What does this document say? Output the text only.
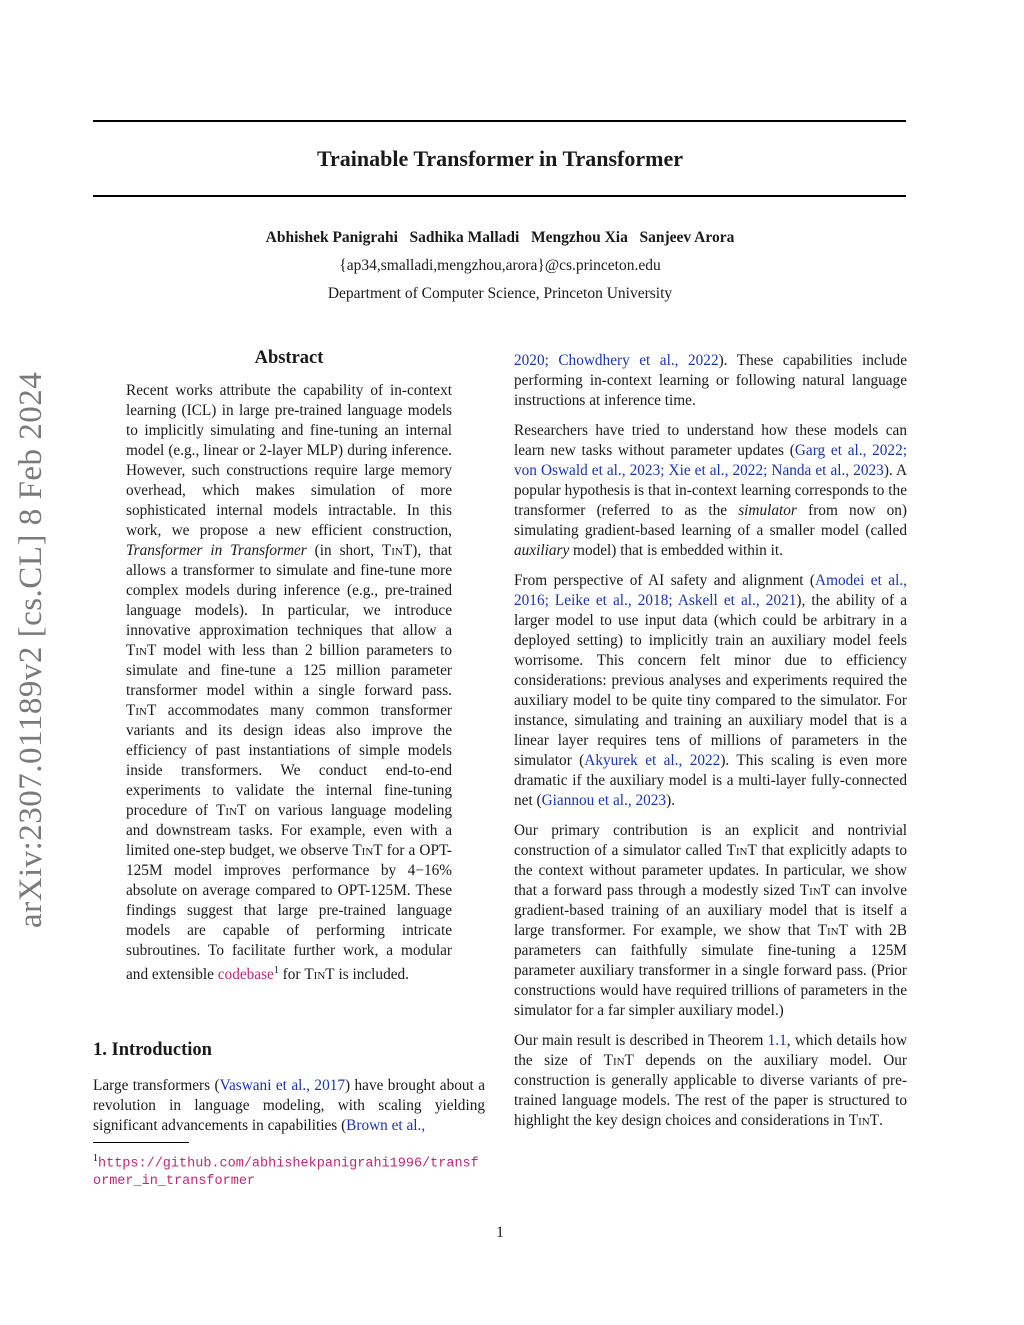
arXiv:2307.01189v2 [cs.CL] 8 Feb 2024
Trainable Transformer in Transformer
Abhishek Panigrahi   Sadhika Malladi   Mengzhou Xia   Sanjeev Arora
{ap34,smalladi,mengzhou,arora}@cs.princeton.edu
Department of Computer Science, Princeton University
Abstract

Recent works attribute the capability of in-context learning (ICL) in large pre-trained language models to implicitly simulating and fine-tuning an internal model (e.g., linear or 2-layer MLP) during inference. However, such constructions require large memory overhead, which makes simulation of more sophisticated internal models intractable. In this work, we propose a new efficient construction, Transformer in Transformer (in short, TinT), that allows a transformer to simulate and fine-tune more complex models during inference (e.g., pre-trained language models). In particular, we introduce innovative approximation techniques that allow a TinT model with less than 2 billion parameters to simulate and fine-tune a 125 million parameter transformer model within a single forward pass. TinT accommodates many common transformer variants and its design ideas also improve the efficiency of past instantiations of simple models inside transformers. We conduct end-to-end experiments to validate the internal fine-tuning procedure of TinT on various language modeling and downstream tasks. For example, even with a limited one-step budget, we observe TinT for a OPT-125M model improves performance by 4−16% absolute on average compared to OPT-125M. These findings suggest that large pre-trained language models are capable of performing intricate subroutines. To facilitate further work, a modular and extensible codebase$^1$ for TinT is included.

1. Introduction

Large transformers (Vaswani et al., 2017) have brought about a revolution in language modeling, with scaling yielding significant advancements in capabilities (Brown et al.,

$^1$https://github.com/abhishekpanigrahi1996/transformer_in_transformer

2020; Chowdhery et al., 2022). These capabilities include performing in-context learning or following natural language instructions at inference time.

Researchers have tried to understand how these models can learn new tasks without parameter updates (Garg et al., 2022; von Oswald et al., 2023; Xie et al., 2022; Nanda et al., 2023). A popular hypothesis is that in-context learning corresponds to the transformer (referred to as the simulator from now on) simulating gradient-based learning of a smaller model (called auxiliary model) that is embedded within it.

From perspective of AI safety and alignment (Amodei et al., 2016; Leike et al., 2018; Askell et al., 2021), the ability of a larger model to use input data (which could be arbitrary in a deployed setting) to implicitly train an auxiliary model feels worrisome. This concern felt minor due to efficiency considerations: previous analyses and experiments required the auxiliary model to be quite tiny compared to the simulator. For instance, simulating and training an auxiliary model that is a linear layer requires tens of millions of parameters in the simulator (Akyurek et al., 2022). This scaling is even more dramatic if the auxiliary model is a multi-layer fully-connected net (Giannou et al., 2023).

Our primary contribution is an explicit and nontrivial construction of a simulator called TinT that explicitly adapts to the context without parameter updates. In particular, we show that a forward pass through a modestly sized TinT can involve gradient-based training of an auxiliary model that is itself a large transformer. For example, we show that TinT with 2B parameters can faithfully simulate fine-tuning a 125M parameter auxiliary transformer in a single forward pass. (Prior constructions would have required trillions of parameters in the simulator for a far simpler auxiliary model.)

Our main result is described in Theorem 1.1, which details how the size of TinT depends on the auxiliary model. Our construction is generally applicable to diverse variants of pre-trained language models. The rest of the paper is structured to highlight the key design choices and considerations in TinT.

1
